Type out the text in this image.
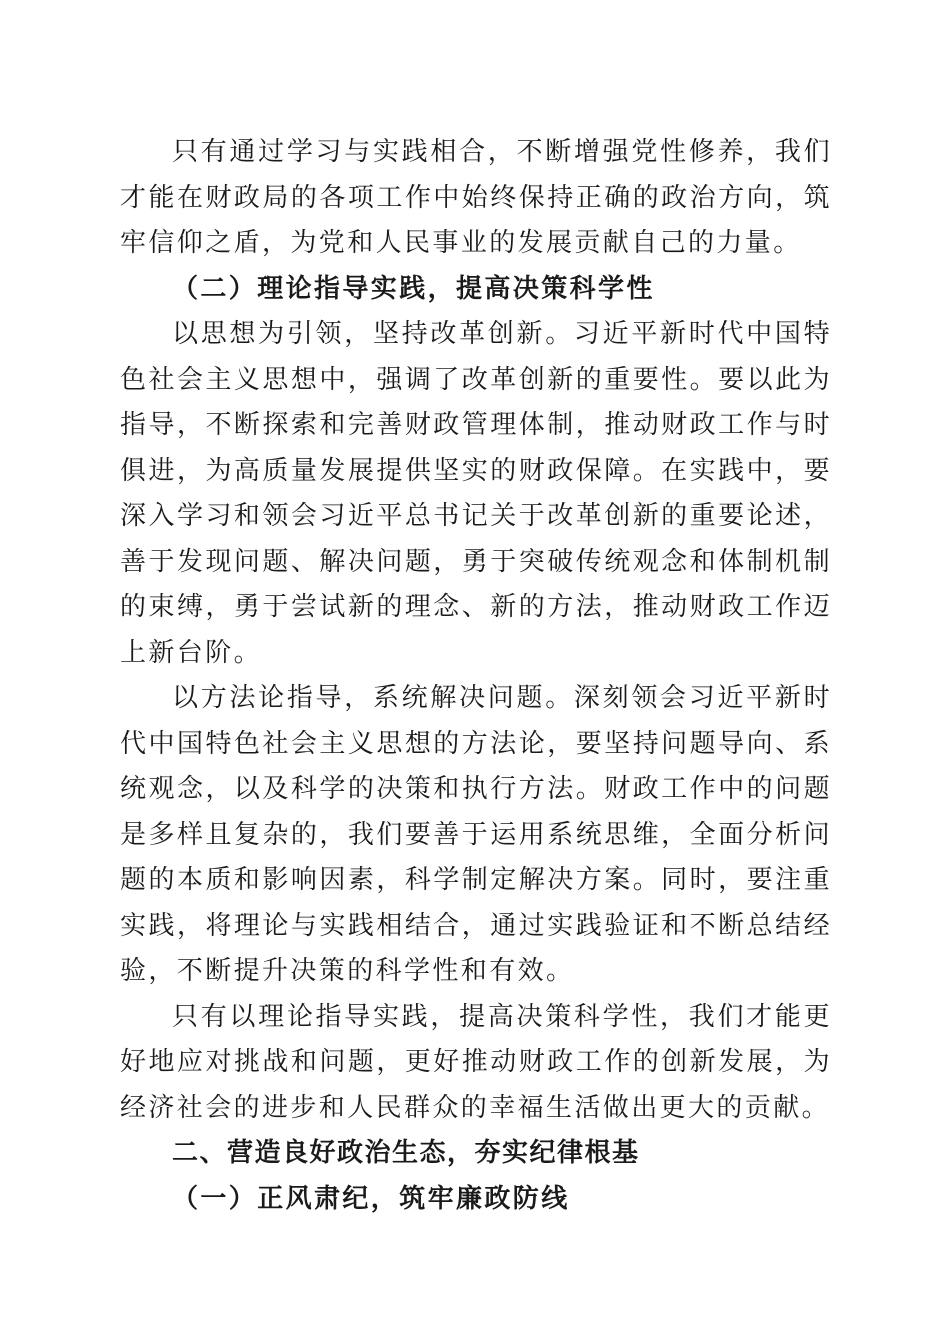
只有通过学习与实践相合，不断增强党性修养，我们才能在财政局的各项工作中始终保持正确的政治方向，筑牢信仰之盾，为党和人民事业的发展贡献自己的力量。

（二）理论指导实践，提高决策科学性

以思想为引领，坚持改革创新。习近平新时代中国特色社会主义思想中，强调了改革创新的重要性。要以此为指导，不断探索和完善财政管理体制，推动财政工作与时俱进，为高质量发展提供坚实的财政保障。在实践中，要深入学习和领会习近平总书记关于改革创新的重要论述，善于发现问题、解决问题，勇于突破传统观念和体制机制的束缚，勇于尝试新的理念、新的方法，推动财政工作迈上新台阶。

以方法论指导，系统解决问题。深刻领会习近平新时代中国特色社会主义思想的方法论，要坚持问题导向、系统观念，以及科学的决策和执行方法。财政工作中的问题是多样且复杂的，我们要善于运用系统思维，全面分析问题的本质和影响因素，科学制定解决方案。同时，要注重实践，将理论与实践相结合，通过实践验证和不断总结经验，不断提升决策的科学性和有效。

只有以理论指导实践，提高决策科学性，我们才能更好地应对挑战和问题，更好推动财政工作的创新发展，为经济社会的进步和人民群众的幸福生活做出更大的贡献。

二、营造良好政治生态，夯实纪律根基

（一）正风肃纪，筑牢廉政防线
